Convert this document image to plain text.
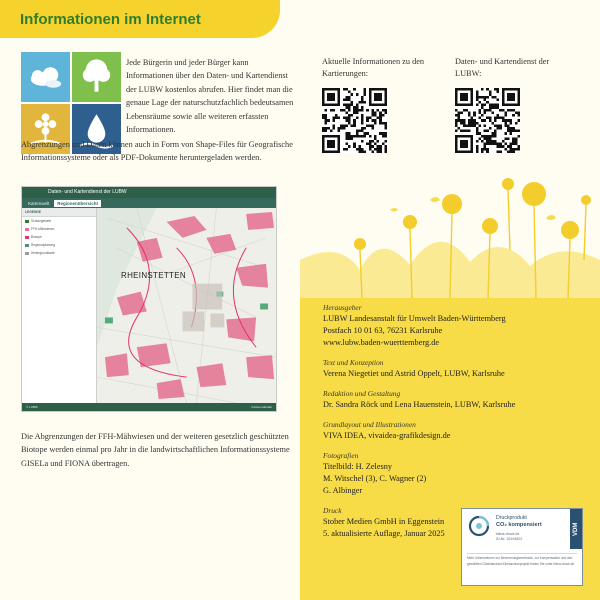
Informationen im Internet
Jede Bürgerin und jeder Bürger kann Informationen über den Daten- und Kartendienst der LUBW kostenlos abrufen. Hier findet man die genaue Lage der naturschutzfachlich bedeutsamen Lebensräume sowie alle weiteren erfassten Informationen.
Abgrenzungen und Daten können auch in Form von Shape-Files für Geografische Informationssysteme oder als PDF-Dokumente heruntergeladen werden.
Daten- und Kartendienst der LUBW
Kartenwelt	Regionenübersicht
LEGENDE
Schutzgebiete
FFH-Mähwiesen
Biotope
Regionalplanung
Hintergrundkarte
RHEINSTETTEN
© LUBW	Kartenmaßstab
Die Abgrenzungen der FFH-Mähwiesen und der weiteren gesetzlich geschützten Biotope werden einmal pro Jahr in die landwirtschaftlichen Informationssysteme GISELa und FIONA übertragen.
Aktuelle Informationen zu den Kartierungen:
Daten- und Kartendienst der LUBW:
Herausgeber
LUBW Landesanstalt für Umwelt Baden-Württemberg
Postfach 10 01 63, 76231 Karlsruhe
www.lubw.baden-wuerttemberg.de
Text und Konzeption
Verena Niegetiet und Astrid Oppelt, LUBW, Karlsruhe
Redaktion und Gestaltung
Dr. Sandra Röck und Lena Hauenstein, LUBW, Karlsruhe
Grundlayout und Illustrationen
VIVA IDEA, vivaidea-grafikdesign.de
Fotografien
Titelbild: H. Zelesny
M. Witschel (3), C. Wagner (2)
G. Albinger
Druck
Stober Medien GmbH in Eggenstein
5. aktualisierte Auflage, Januar 2025
Druckprodukt
CO₂ kompensiert
klima-druck.de
ID-Nr. 25194822
VDM
Mehr Informationen zur Berechnungsmethodik, zur Kompensation und den gewählten Goldstandard-Klimaschutzprojekt finden Sie unter klima-druck.de
